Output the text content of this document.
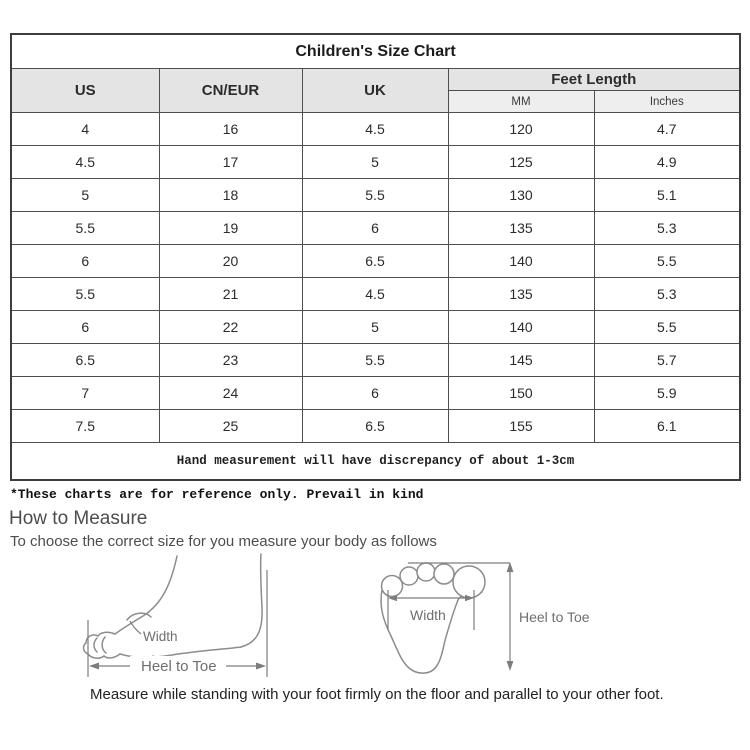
Children's Size Chart				
US	CN/EUR	UK	Feet Length	
			MM	Inches
4	16	4.5	120	4.7
4.5	17	5	125	4.9
5	18	5.5	130	5.1
5.5	19	6	135	5.3
6	20	6.5	140	5.5
5.5	21	4.5	135	5.3
6	22	5	140	5.5
6.5	23	5.5	145	5.7
7	24	6	150	5.9
7.5	25	6.5	155	6.1
Hand measurement will have discrepancy of about 1-3cm				
*These charts are for reference only. Prevail in kind
How to Measure
To choose the correct size for you measure your body as follows
Width
Heel to Toe
Width	Heel to Toe
Measure while standing with your foot firmly on the floor and parallel to your other foot.
